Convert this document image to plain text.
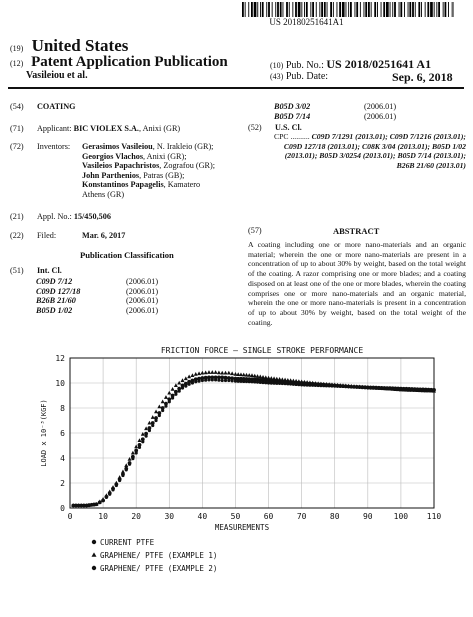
US 20180251641A1
(19) United States
(12) Patent Application Publication
Vasileiou et al.
(10) Pub. No.: US 2018/0251641 A1
(43) Pub. Date:	Sep. 6, 2018
(54) COATING
(71) Applicant: BIC VIOLEX S.A., Anixi (GR)
(72) Inventors: Gerasimos Vasileiou, N. Irakleio (GR);
Georgios Vlachos, Anixi (GR);
Vasileios Papachristos, Zografou (GR);
John Parthenios, Patras (GB);
Konstantinos Papagelis, Kamatero
Athens (GR)
(21) Appl. No.: 15/450,506
(22) Filed:	Mar. 6, 2017
Publication Classification
(51) Int. Cl.
C09D 7/12	(2006.01)
C09D 127/18	(2006.01)
B26B 21/60	(2006.01)
B05D 1/02	(2006.01)
B05D 3/02	(2006.01)
B05D 7/14	(2006.01)
(52) U.S. Cl.
CPC .......... C09D 7/1291 (2013.01); C09D 7/1216 (2013.01); C09D 127/18 (2013.01); C08K 3/04 (2013.01); B05D 1/02 (2013.01); B05D 3/0254 (2013.01); B05D 7/14 (2013.01); B26B 21/60 (2013.01)
(57)	ABSTRACT
A coating including one or more nano-materials and an organic material; wherein the one or more nano-materials are present in a concentration of up to about 30% by weight, based on the total weight of the coating. A razor comprising one or more blades; and a coating disposed on at least one of the one or more blades, wherein the coating comprises one or more nano-materials and an organic material, wherein the one or more nano-materials is present in a concentration of up to about 30% by weight, based on the total weight of the coating.
FRICTION FORCE – SINGLE STROKE PERFORMANCE
0
2
4
6
8
10
12
0	10	20	30	40	50	60	70	80	90	100 110
MEASUREMENTS
LOAD x 10⁻³(KGF)
CURRENT PTFE
GRAPHENE/ PTFE (EXAMPLE 1)
GRAPHENE/ PTFE (EXAMPLE 2)
